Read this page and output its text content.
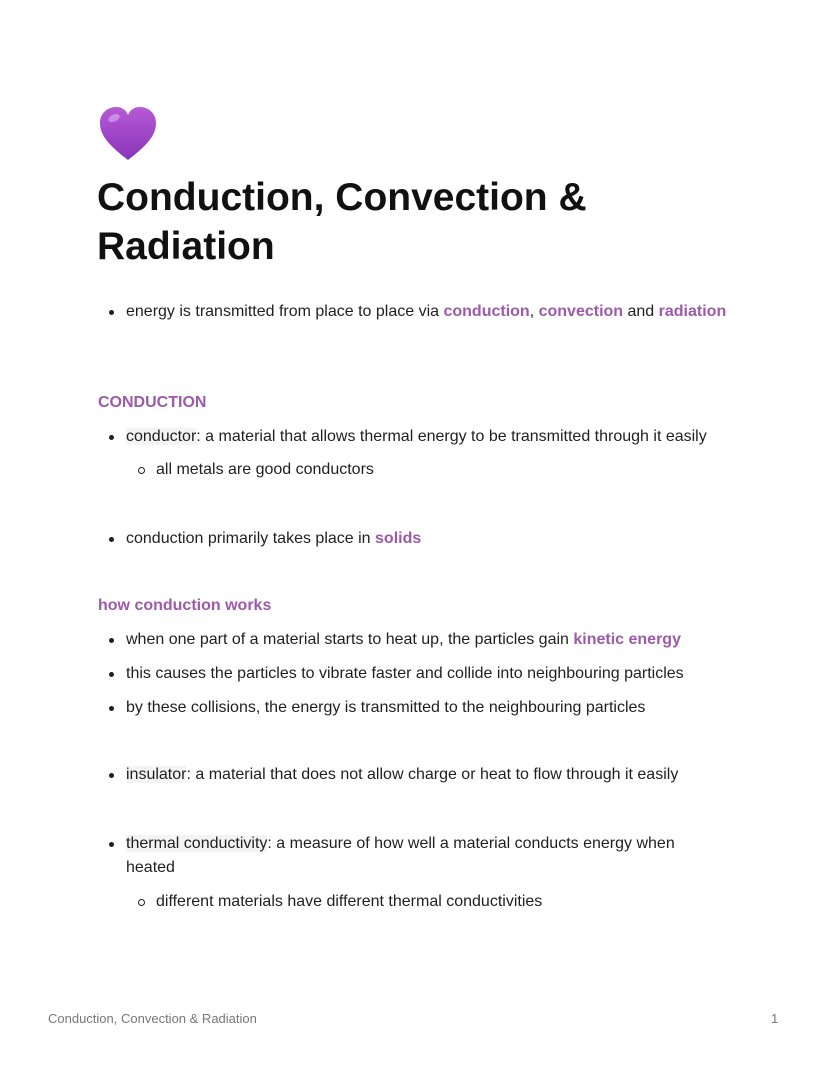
Conduction, Convection & Radiation
energy is transmitted from place to place via conduction, convection and radiation
CONDUCTION
conductor: a material that allows thermal energy to be transmitted through it easily
all metals are good conductors
conduction primarily takes place in solids
how conduction works
when one part of a material starts to heat up, the particles gain kinetic energy
this causes the particles to vibrate faster and collide into neighbouring particles
by these collisions, the energy is transmitted to the neighbouring particles
insulator: a material that does not allow charge or heat to flow through it easily
thermal conductivity: a measure of how well a material conducts energy when heated
different materials have different thermal conductivities
Conduction, Convection & Radiation	1
